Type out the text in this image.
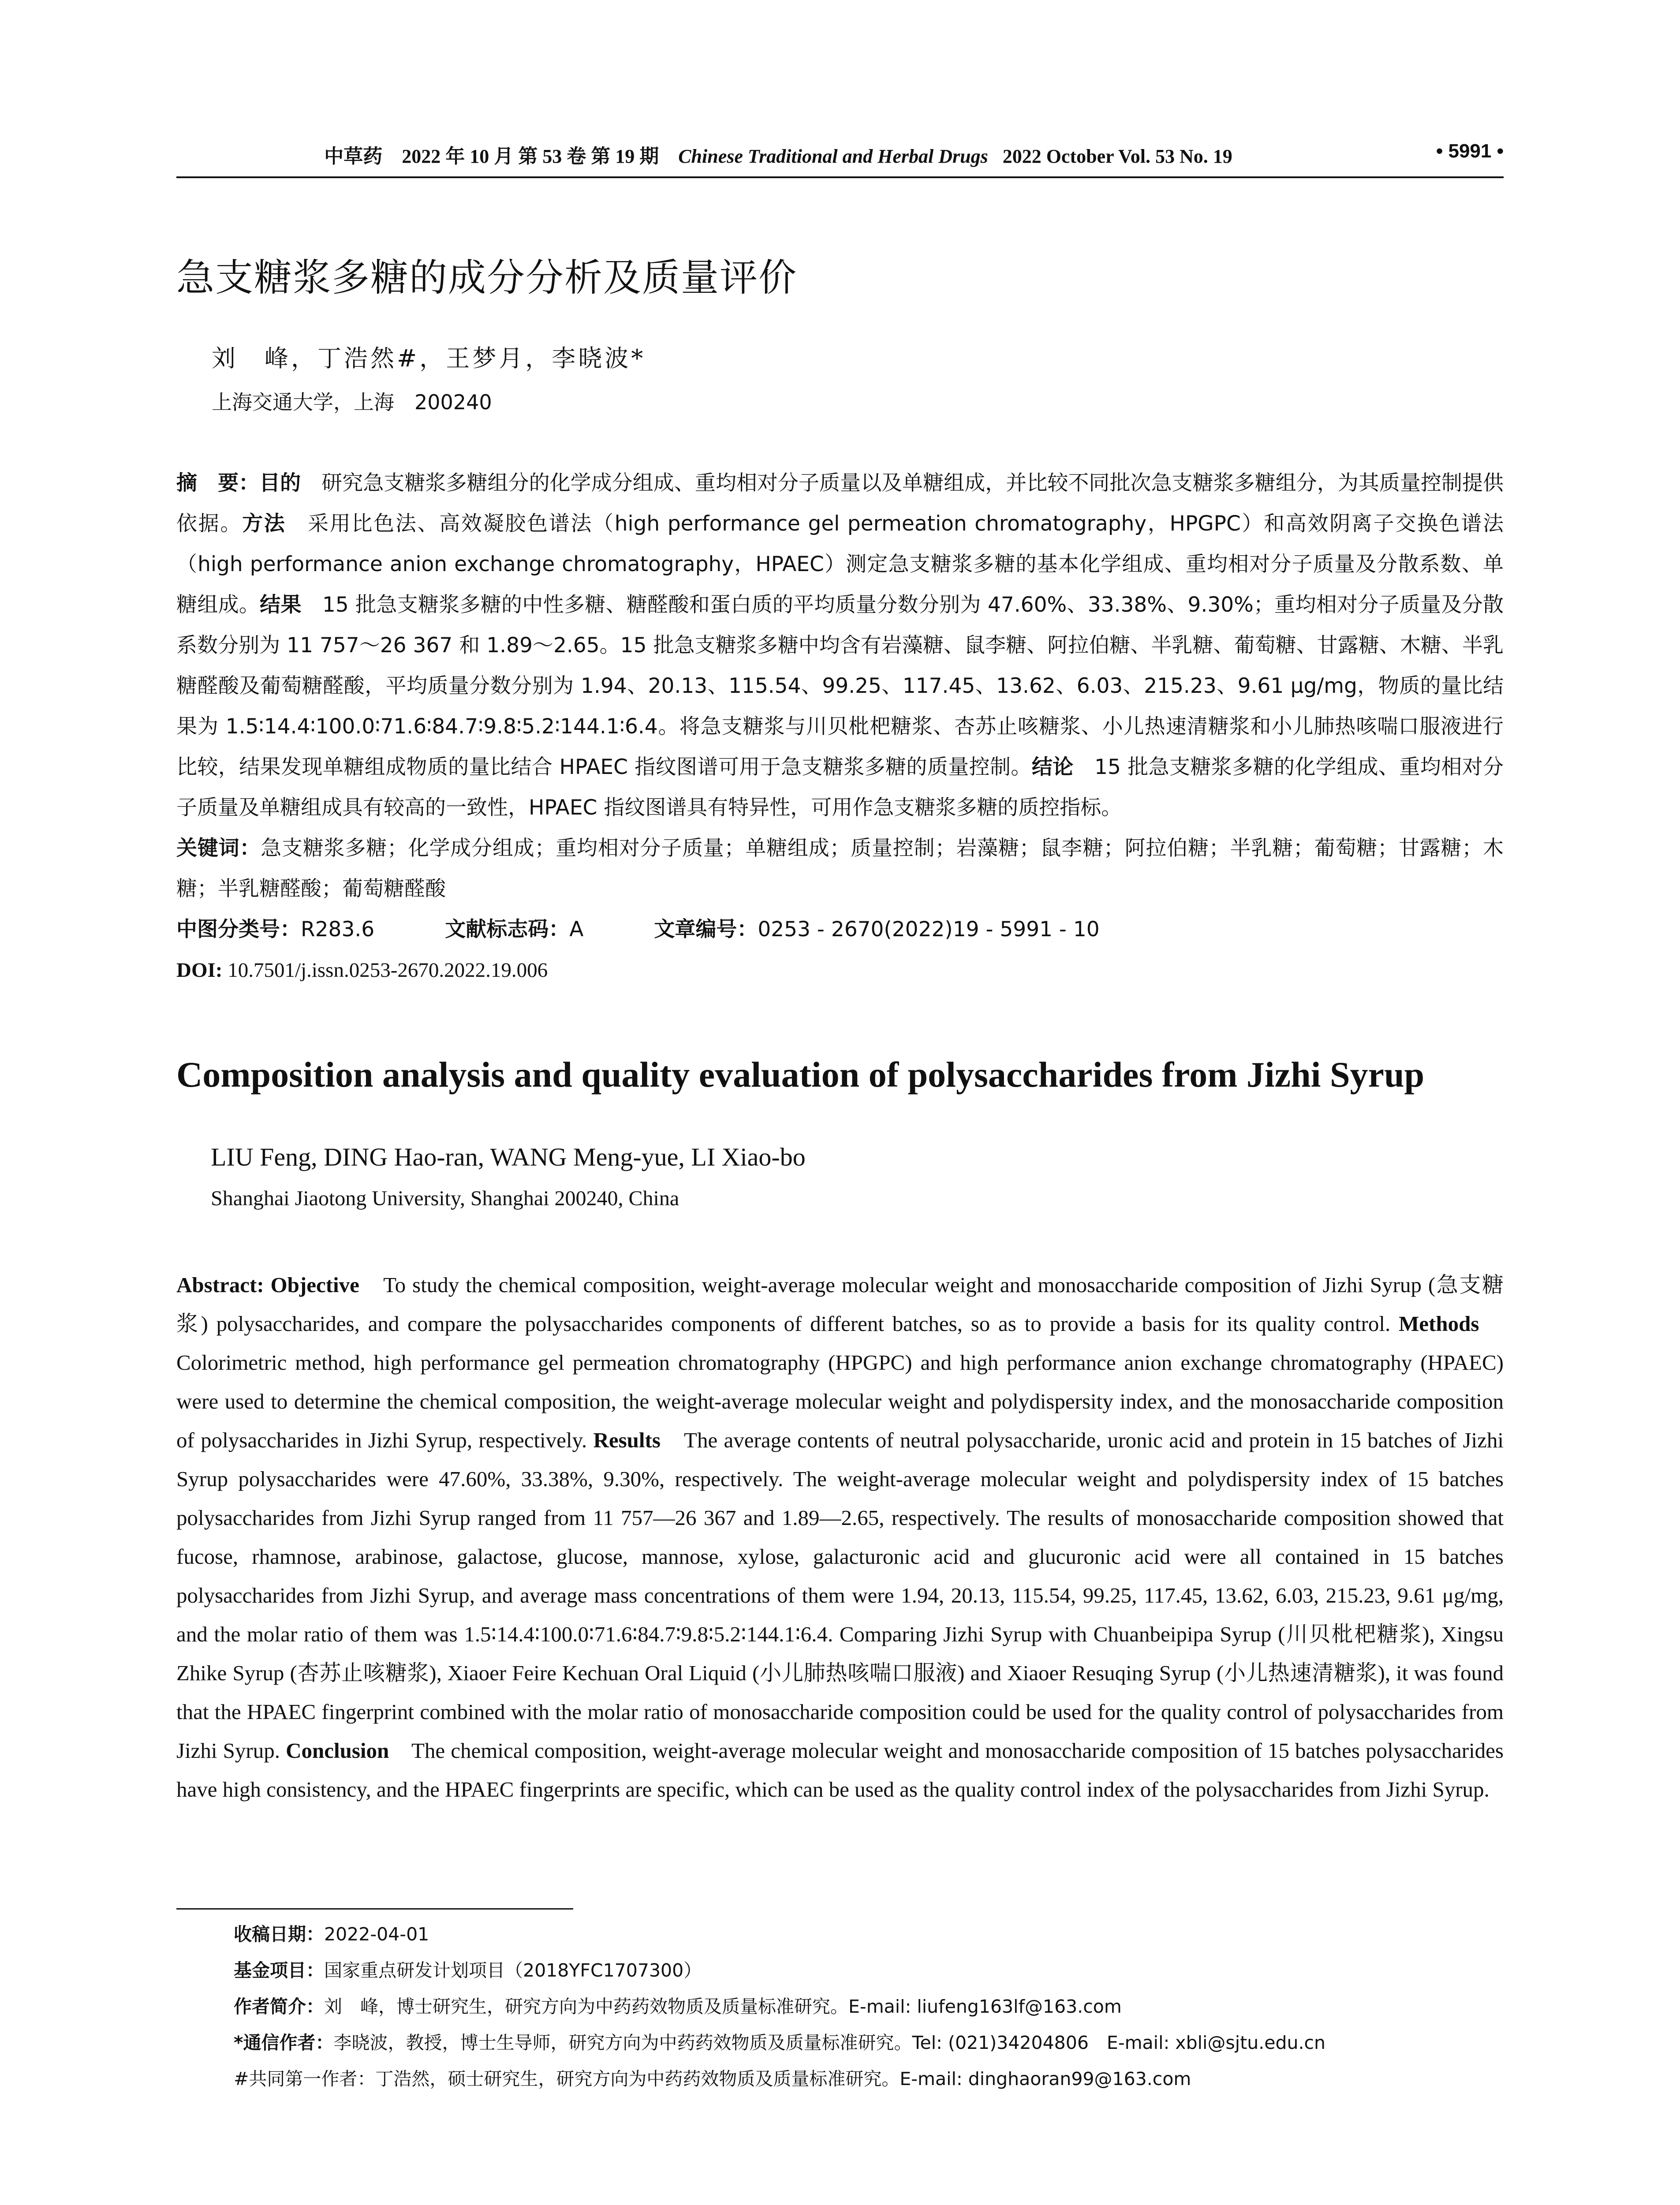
中草药 2022 年 10 月 第 53 卷 第 19 期 Chinese Traditional and Herbal Drugs 2022 October Vol. 53 No. 19	• 5991 •
急支糖浆多糖的成分分析及质量评价
刘　峰，丁浩然#，王梦月，李晓波*
上海交通大学，上海　200240

摘　要：目的　研究急支糖浆多糖组分的化学成分组成、重均相对分子质量以及单糖组成，并比较不同批次急支糖浆多糖组分，为其质量控制提供依据。方法　采用比色法、高效凝胶色谱法（high performance gel permeation chromatography，HPGPC）和高效阴离子交换色谱法（high performance anion exchange chromatography，HPAEC）测定急支糖浆多糖的基本化学组成、重均相对分子质量及分散系数、单糖组成。结果　15 批急支糖浆多糖的中性多糖、糖醛酸和蛋白质的平均质量分数分别为 47.60%、33.38%、9.30%；重均相对分子质量及分散系数分别为 11 757～26 367 和 1.89～2.65。15 批急支糖浆多糖中均含有岩藻糖、鼠李糖、阿拉伯糖、半乳糖、葡萄糖、甘露糖、木糖、半乳糖醛酸及葡萄糖醛酸，平均质量分数分别为 1.94、20.13、115.54、99.25、117.45、13.62、6.03、215.23、9.61 μg/mg，物质的量比结果为 1.5∶14.4∶100.0∶71.6∶84.7∶9.8∶5.2∶144.1∶6.4。将急支糖浆与川贝枇杷糖浆、杏苏止咳糖浆、小儿热速清糖浆和小儿肺热咳喘口服液进行比较，结果发现单糖组成物质的量比结合 HPAEC 指纹图谱可用于急支糖浆多糖的质量控制。结论　15 批急支糖浆多糖的化学组成、重均相对分子质量及单糖组成具有较高的一致性，HPAEC 指纹图谱具有特异性，可用作急支糖浆多糖的质控指标。

关键词：急支糖浆多糖；化学成分组成；重均相对分子质量；单糖组成；质量控制；岩藻糖；鼠李糖；阿拉伯糖；半乳糖；葡萄糖；甘露糖；木糖；半乳糖醛酸；葡萄糖醛酸

中图分类号：R283.6	文献标志码：A	文章编号：0253 - 2670(2022)19 - 5991 - 10

DOI: 10.7501/j.issn.0253-2670.2022.19.006

Composition analysis and quality evaluation of polysaccharides from Jizhi Syrup
LIU Feng, DING Hao-ran, WANG Meng-yue, LI Xiao-bo
Shanghai Jiaotong University, Shanghai 200240, China

Abstract: Objective　To study the chemical composition, weight-average molecular weight and monosaccharide composition of Jizhi Syrup (急支糖浆) polysaccharides, and compare the polysaccharides components of different batches, so as to provide a basis for its quality control. Methods　Colorimetric method, high performance gel permeation chromatography (HPGPC) and high performance anion exchange chromatography (HPAEC) were used to determine the chemical composition, the weight-average molecular weight and polydispersity index, and the monosaccharide composition of polysaccharides in Jizhi Syrup, respectively. Results　The average contents of neutral polysaccharide, uronic acid and protein in 15 batches of Jizhi Syrup polysaccharides were 47.60%, 33.38%, 9.30%, respectively. The weight-average molecular weight and polydispersity index of 15 batches polysaccharides from Jizhi Syrup ranged from 11 757—26 367 and 1.89—2.65, respectively. The results of monosaccharide composition showed that fucose, rhamnose, arabinose, galactose, glucose, mannose, xylose, galacturonic acid and glucuronic acid were all contained in 15 batches polysaccharides from Jizhi Syrup, and average mass concentrations of them were 1.94, 20.13, 115.54, 99.25, 117.45, 13.62, 6.03, 215.23, 9.61 μg/mg, and the molar ratio of them was 1.5∶14.4∶100.0∶71.6∶84.7∶9.8∶5.2∶144.1∶6.4. Comparing Jizhi Syrup with Chuanbeipipa Syrup (川贝枇杷糖浆), Xingsu Zhike Syrup (杏苏止咳糖浆), Xiaoer Feire Kechuan Oral Liquid (小儿肺热咳喘口服液) and Xiaoer Resuqing Syrup (小儿热速清糖浆), it was found that the HPAEC fingerprint combined with the molar ratio of monosaccharide composition could be used for the quality control of polysaccharides from Jizhi Syrup. Conclusion　The chemical composition, weight-average molecular weight and monosaccharide composition of 15 batches polysaccharides have high consistency, and the HPAEC fingerprints are specific, which can be used as the quality control index of the polysaccharides from Jizhi Syrup.

收稿日期：2022-04-01

基金项目：国家重点研发计划项目（2018YFC1707300）

作者简介：刘　峰，博士研究生，研究方向为中药药效物质及质量标准研究。E-mail: liufeng163lf@163.com

*通信作者：李晓波，教授，博士生导师，研究方向为中药药效物质及质量标准研究。Tel: (021)34204806　E-mail: xbli@sjtu.edu.cn

#共同第一作者：丁浩然，硕士研究生，研究方向为中药药效物质及质量标准研究。E-mail: dinghaoran99@163.com
